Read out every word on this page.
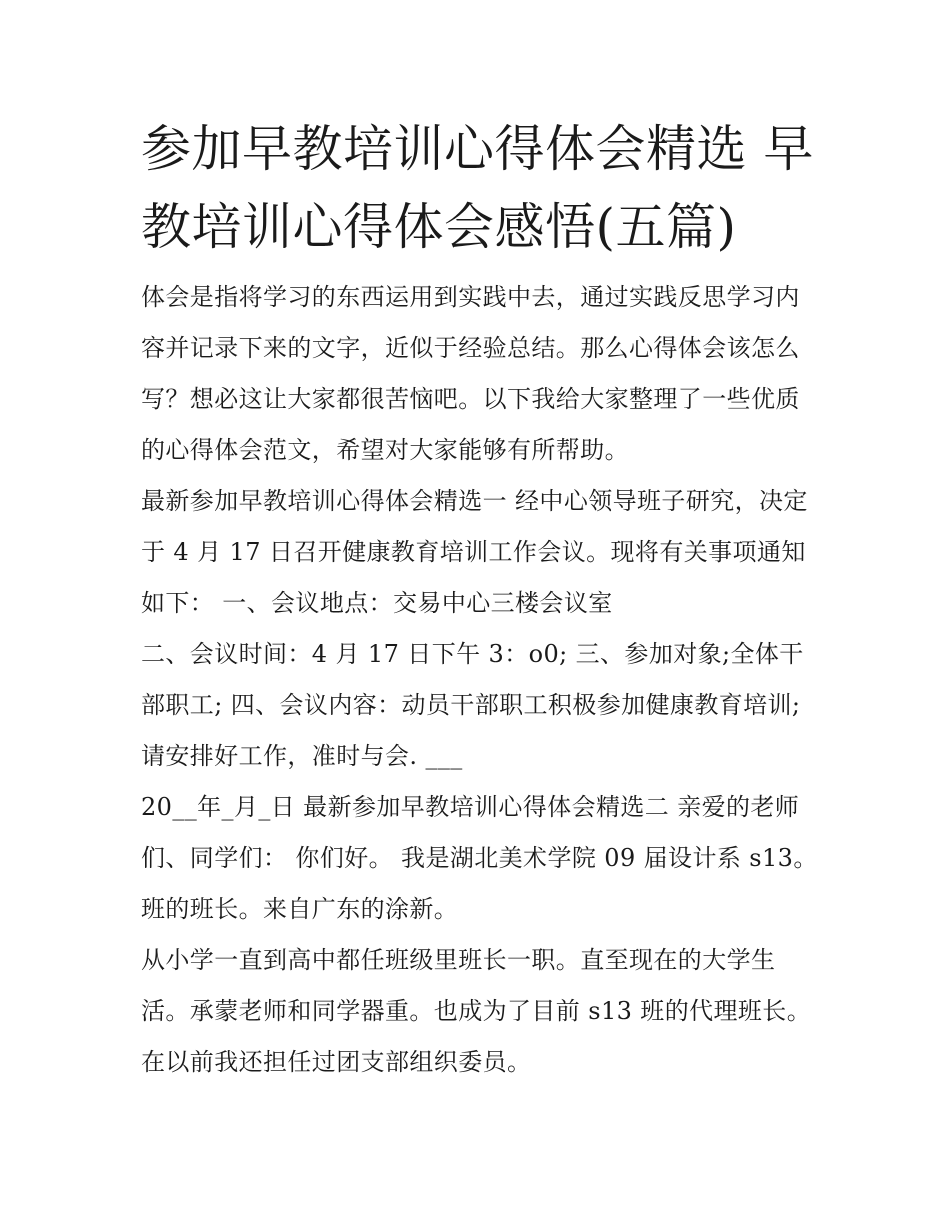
参加早教培训心得体会精选 早教培训心得体会感悟(五篇)

体会是指将学习的东西运用到实践中去，通过实践反思学习内容并记录下来的文字，近似于经验总结。那么心得体会该怎么写？想必这让大家都很苦恼吧。以下我给大家整理了一些优质的心得体会范文，希望对大家能够有所帮助。

最新参加早教培训心得体会精选一 经中心领导班子研究，决定于 4 月 17 日召开健康教育培训工作会议。现将有关事项通知如下： 一、会议地点：交易中心三楼会议室

二、会议时间：4 月 17 日下午 3：o0; 三、参加对象;全体干部职工; 四、会议内容：动员干部职工积极参加健康教育培训; 请安排好工作，准时与会. ___

20__年_月_日 最新参加早教培训心得体会精选二 亲爱的老师们、同学们： 你们好。 我是湖北美术学院 09 届设计系 s13。班的班长。来自广东的涂新。

从小学一直到高中都任班级里班长一职。直至现在的大学生活。承蒙老师和同学器重。也成为了目前 s13 班的代理班长。在以前我还担任过团支部组织委员。
